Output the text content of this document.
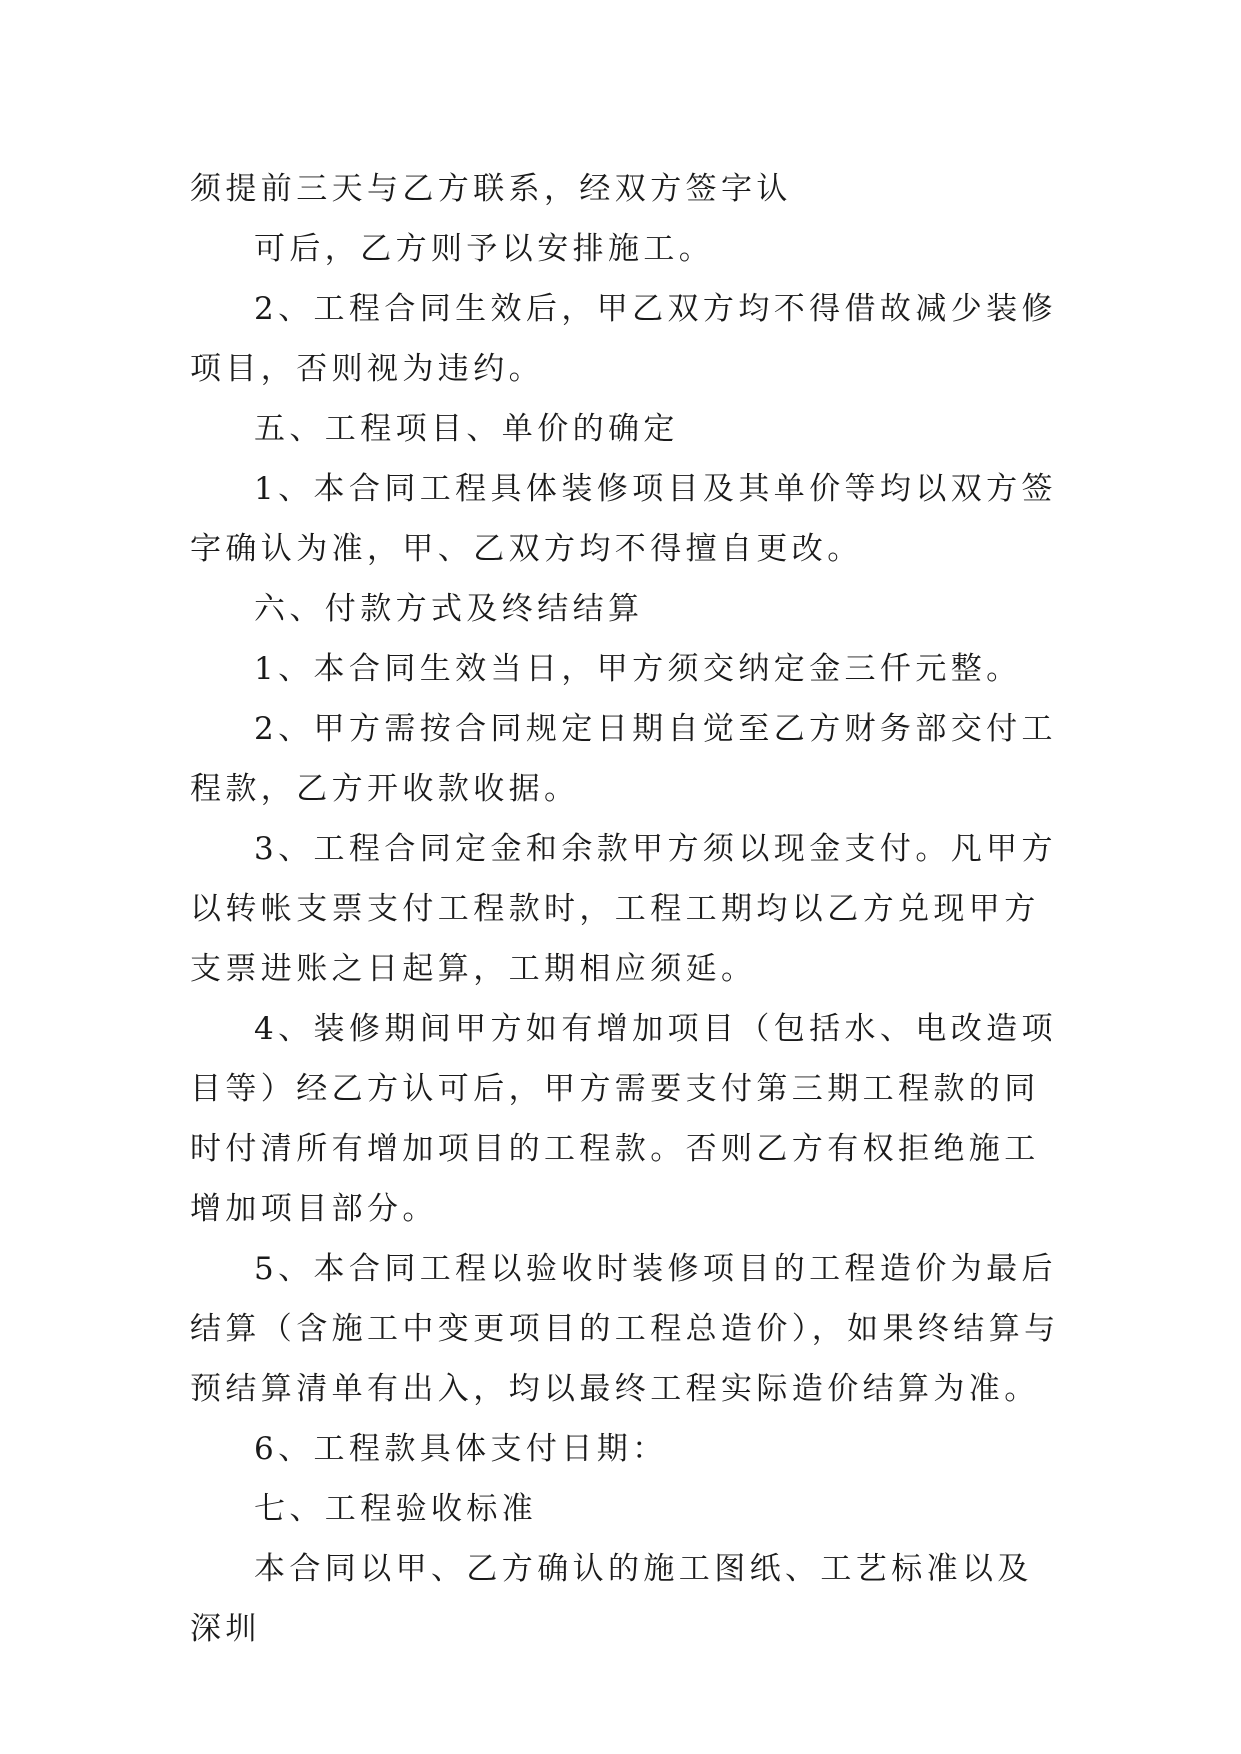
须提前三天与乙方联系，经双方签字认

可后，乙方则予以安排施工。

2、工程合同生效后，甲乙双方均不得借故减少装修项目，否则视为违约。

五、工程项目、单价的确定

1、本合同工程具体装修项目及其单价等均以双方签字确认为准，甲、乙双方均不得擅自更改。

六、付款方式及终结结算

1、本合同生效当日，甲方须交纳定金三仟元整。

2、甲方需按合同规定日期自觉至乙方财务部交付工程款，乙方开收款收据。

3、工程合同定金和余款甲方须以现金支付。凡甲方以转帐支票支付工程款时，工程工期均以乙方兑现甲方支票进账之日起算，工期相应须延。

4、装修期间甲方如有增加项目（包括水、电改造项目等）经乙方认可后，甲方需要支付第三期工程款的同时付清所有增加项目的工程款。否则乙方有权拒绝施工增加项目部分。

5、本合同工程以验收时装修项目的工程造价为最后结算（含施工中变更项目的工程总造价），如果终结算与预结算清单有出入，均以最终工程实际造价结算为准。

6、工程款具体支付日期：

七、工程验收标准

本合同以甲、乙方确认的施工图纸、工艺标准以及深圳
